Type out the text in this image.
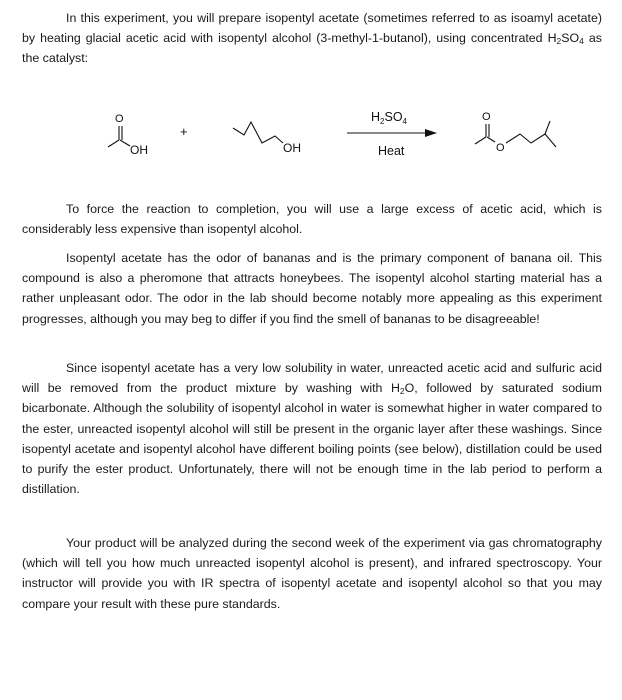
In this experiment, you will prepare isopentyl acetate (sometimes referred to as isoamyl acetate) by heating glacial acetic acid with isopentyl alcohol (3-methyl-1-butanol), using concentrated $H_2SO_4$ as the catalyst:

O
OH
+
OH
$H_2SO_4$
Heat
O
O

To force the reaction to completion, you will use a large excess of acetic acid, which is considerably less expensive than isopentyl alcohol.

Isopentyl acetate has the odor of bananas and is the primary component of banana oil. This compound is also a pheromone that attracts honeybees. The isopentyl alcohol starting material has a rather unpleasant odor. The odor in the lab should become notably more appealing as this experiment progresses, although you may beg to differ if you find the smell of bananas to be disagreeable!

Since isopentyl acetate has a very low solubility in water, unreacted acetic acid and sulfuric acid will be removed from the product mixture by washing with $H_2O$, followed by saturated sodium bicarbonate. Although the solubility of isopentyl alcohol in water is somewhat higher in water compared to the ester, unreacted isopentyl alcohol will still be present in the organic layer after these washings. Since isopentyl acetate and isopentyl alcohol have different boiling points (see below), distillation could be used to purify the ester product. Unfortunately, there will not be enough time in the lab period to perform a distillation.

Your product will be analyzed during the second week of the experiment via gas chromatography (which will tell you how much unreacted isopentyl alcohol is present), and infrared spectroscopy. Your instructor will provide you with IR spectra of isopentyl acetate and isopentyl alcohol so that you may compare your result with these pure standards.
